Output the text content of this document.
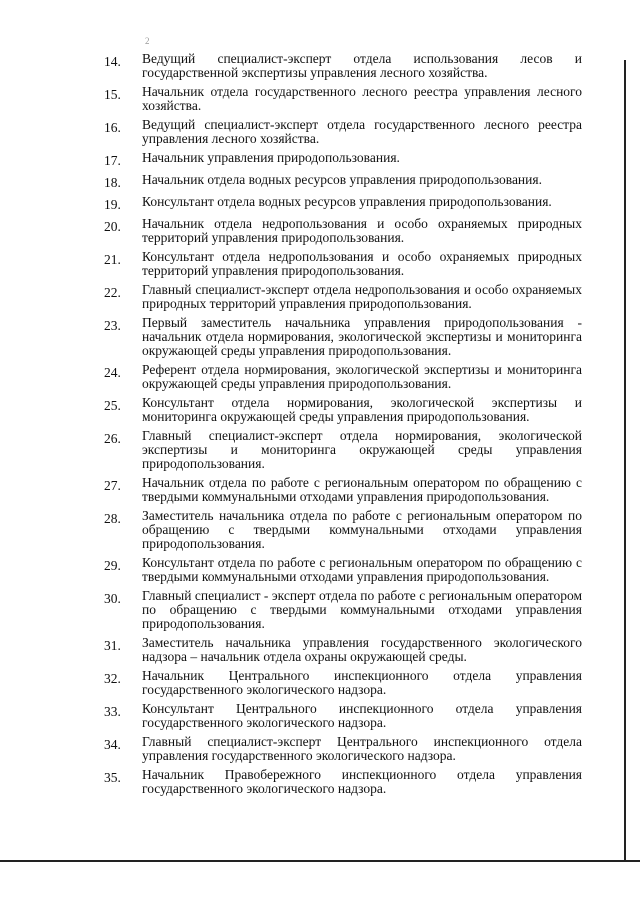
2
14.	Ведущий специалист-эксперт отдела использования лесов и государственной экспертизы управления лесного хозяйства.
15.	Начальник отдела государственного лесного реестра управления лесного хозяйства.
16.	Ведущий специалист-эксперт отдела государственного лесного реестра управления лесного хозяйства.
17.	Начальник управления природопользования.
18.	Начальник отдела водных ресурсов управления природопользования.
19.	Консультант отдела водных ресурсов управления природопользования.
20.	Начальник отдела недропользования и особо охраняемых природных территорий управления природопользования.
21.	Консультант отдела недропользования и особо охраняемых природных территорий управления природопользования.
22.	Главный специалист-эксперт отдела недропользования и особо охраняемых природных территорий управления природопользования.
23.	Первый заместитель начальника управления природопользования - начальник отдела нормирования, экологической экспертизы и мониторинга окружающей среды управления природопользования.
24.	Референт отдела нормирования, экологической экспертизы и мониторинга окружающей среды управления природопользования.
25.	Консультант отдела нормирования, экологической экспертизы и мониторинга окружающей среды управления природопользования.
26.	Главный специалист-эксперт отдела нормирования, экологической экспертизы и мониторинга окружающей среды управления природопользования.
27.	Начальник отдела по работе с региональным оператором по обращению с твердыми коммунальными отходами управления природопользования.
28.	Заместитель начальника отдела по работе с региональным оператором по обращению с твердыми коммунальными отходами управления природопользования.
29.	Консультант отдела по работе с региональным оператором по обращению с твердыми коммунальными отходами управления природопользования.
30.	Главный специалист - эксперт отдела по работе с региональным оператором по обращению с твердыми коммунальными отходами управления природопользования.
31.	Заместитель начальника управления государственного экологического надзора – начальник отдела охраны окружающей среды.
32.	Начальник Центрального инспекционного отдела управления государственного экологического надзора.
33.	Консультант Центрального инспекционного отдела управления государственного экологического надзора.
34.	Главный специалист-эксперт Центрального инспекционного отдела управления государственного экологического надзора.
35.	Начальник Правобережного инспекционного отдела управления государственного экологического надзора.
